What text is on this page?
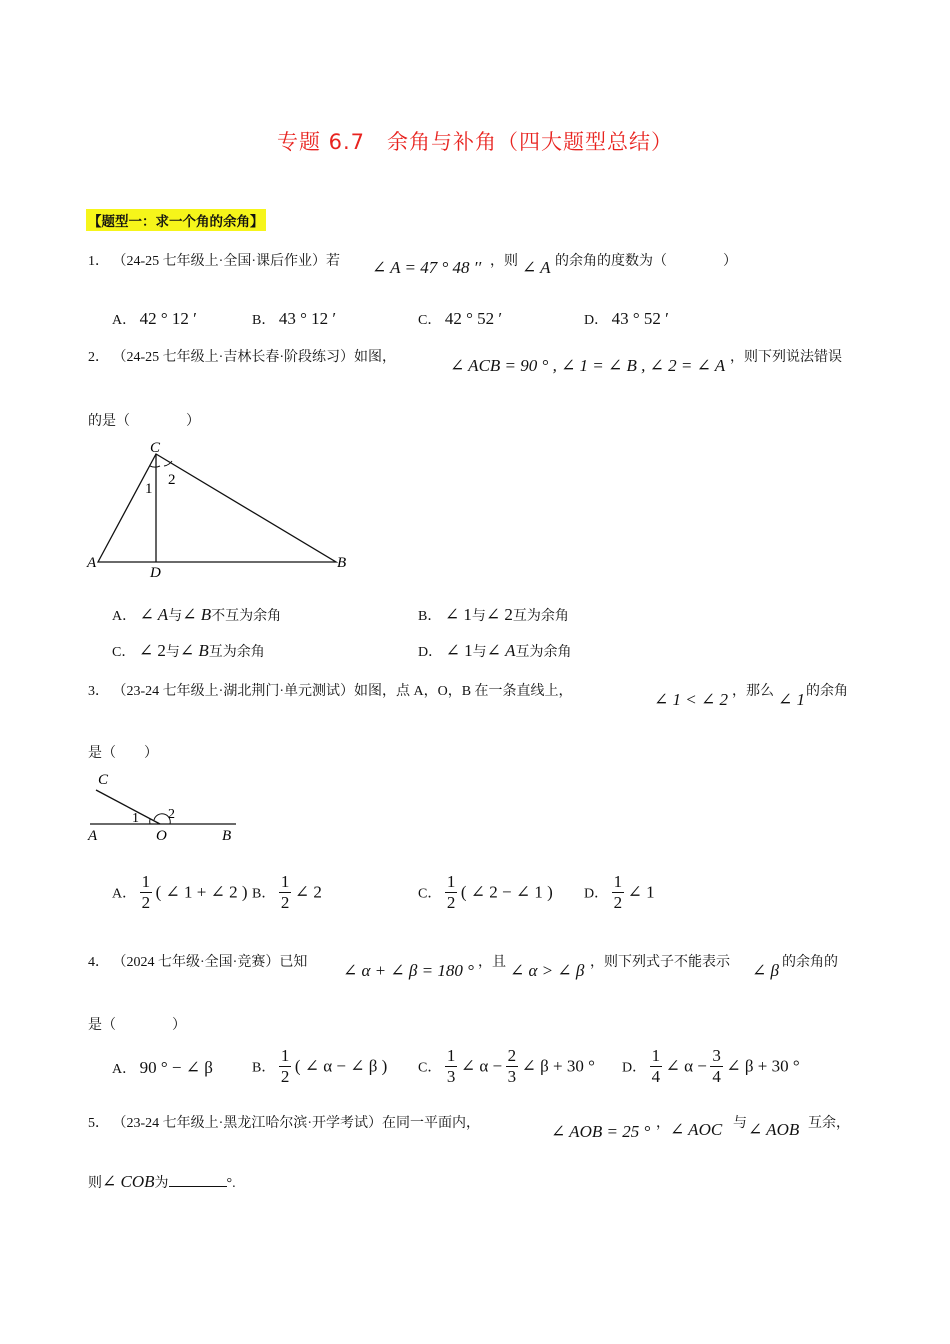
专题 6.7　余角与补角（四大题型总结）
【题型一：求一个角的余角】
1． （24-25 七年级上·全国·课后作业）若 ∠ A = 47 ° 48 ′′ ，则 ∠ A 的余角的度数为（　　　　）
A． 42 ° 12 ′	B． 43 ° 12 ′	C． 42 ° 52 ′	D． 43 ° 52 ′
2． （24-25 七年级上·吉林长春·阶段练习）如图，	∠ ACB = 90 ° , ∠ 1 = ∠ B , ∠ 2 = ∠ A ，则下列说法错误
的是（　　　　）
C
A	B
D
1
2
A． ∠ A与∠ B不互为余角	B． ∠ 1与∠ 2互为余角
C． ∠ 2与∠ B互为余角	D． ∠ 1与∠ A互为余角
3． （23-24 七年级上·湖北荆门·单元测试）如图，点 A，O，B 在一条直线上，	∠ 1 < ∠ 2 ，那么 ∠ 1 的余角
是（　　）
C
A	O	B
1 2
A． $\frac{1}{2}$ ( ∠ 1 + ∠ 2 ) B． $\frac{1}{2}$ ∠ 2	C． $\frac{1}{2}$ ( ∠ 2 − ∠ 1 ) D． $\frac{1}{2}$ ∠ 1
4． （2024 七年级·全国·竞赛）已知 ∠ α + ∠ β = 180 ° ，且 ∠ α > ∠ β ，则下列式子不能表示 ∠ β 的余角的
是（　　　　）
A． 90 ° − ∠ β	B． $\frac{1}{2}$ ( ∠ α − ∠ β ) C． $\frac{1}{3}$ ∠ $\alpha - \frac{2}{3}$ ∠ β + 30 ° D． $\frac{1}{4}$ ∠ $\alpha - \frac{3}{4}$ ∠ β + 30 °
5． （23-24 七年级上·黑龙江哈尔滨·开学考试）在同一平面内，	∠ AOB = 25 ° ， ∠ AOC 与 ∠ AOB 互余，
则∠ COB为	°.
